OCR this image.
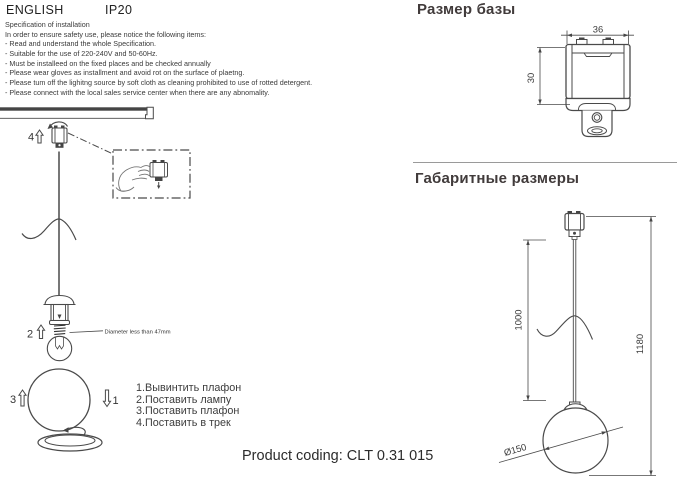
ENGLISH	IP20
Specification of installation
In order to ensure safety use, please notice the following items:
- Read and understand the whole Specification.
- Suitable for the use of 220-240V and 50-60Hz.
- Must be installeed on the fixed places and be checked annually
- Please wear gloves as installment and avoid rot on the surface of plaetng.
- Please tum off the lighitng source by soft cloth as cleaning prohibited to use of rotted detergent.
- Please connect with the local sales service center when there are any abnomality.
4
2	Diameter less than 47mm
3	1
1.Вывинтить плафон
2.Поставить лампу
3.Поставить плафон
4.Поставить в трек
Product coding: CLT 0.31 015
Размер базы
Габаритные размеры
36
30
1000
1180
Ø150
